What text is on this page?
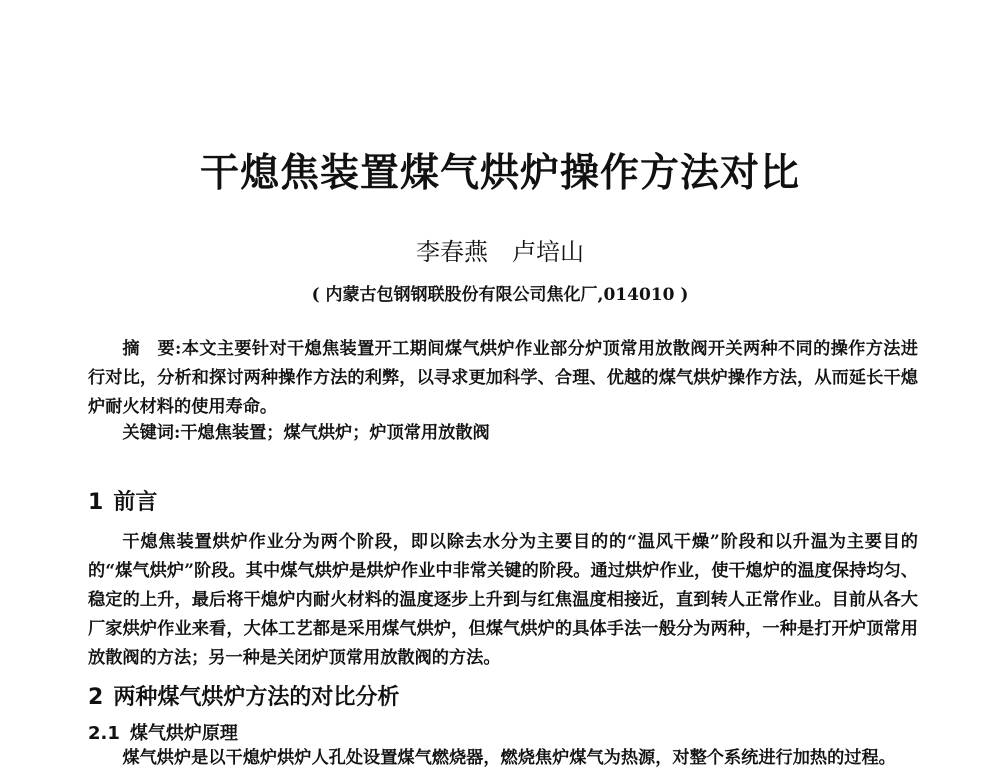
干熄焦装置煤气烘炉操作方法对比
李春燕 卢培山
( 内蒙古包钢钢联股份有限公司焦化厂,014010 )
摘　要:本文主要针对干熄焦装置开工期间煤气烘炉作业部分炉顶常用放散阀开关两种不同的操作方法进行对比，分析和探讨两种操作方法的利弊，以寻求更加科学、合理、优越的煤气烘炉操作方法，从而延长干熄炉耐火材料的使用寿命。
关键词:干熄焦装置；煤气烘炉；炉顶常用放散阀
1 前言
干熄焦装置烘炉作业分为两个阶段，即以除去水分为主要目的的“温风干燥”阶段和以升温为主要目的的“煤气烘炉”阶段。其中煤气烘炉是烘炉作业中非常关键的阶段。通过烘炉作业，使干熄炉的温度保持均匀、稳定的上升，最后将干熄炉内耐火材料的温度逐步上升到与红焦温度相接近，直到转人正常作业。目前从各大厂家烘炉作业来看，大体工艺都是采用煤气烘炉，但煤气烘炉的具体手法一般分为两种，一种是打开炉顶常用放散阀的方法；另一种是关闭炉顶常用放散阀的方法。
2 两种煤气烘炉方法的对比分析
2.1 煤气烘炉原理
煤气烘炉是以干熄炉烘炉人孔处设置煤气燃烧器，燃烧焦炉煤气为热源，对整个系统进行加热的过程。
